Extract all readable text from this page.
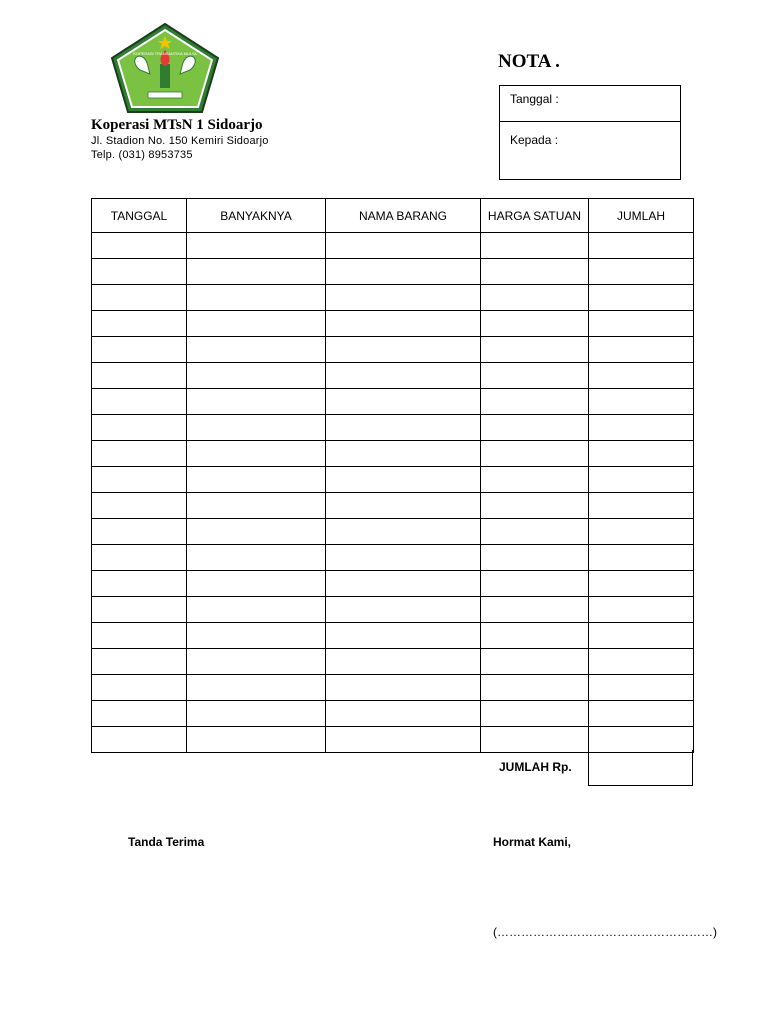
KOPERASI TRANSANTIKA MULYA
Koperasi MTsN 1 Sidoarjo
Jl. Stadion No. 150 Kemiri Sidoarjo
Telp. (031) 8953735
NOTA .
Tanggal :
Kepada :
TANGGAL	BANYAKNYA	NAMA BARANG	HARGA SATUAN	JUMLAH

JUMLAH Rp.
Tanda Terima	Hormat Kami,
(………………………………………………)
